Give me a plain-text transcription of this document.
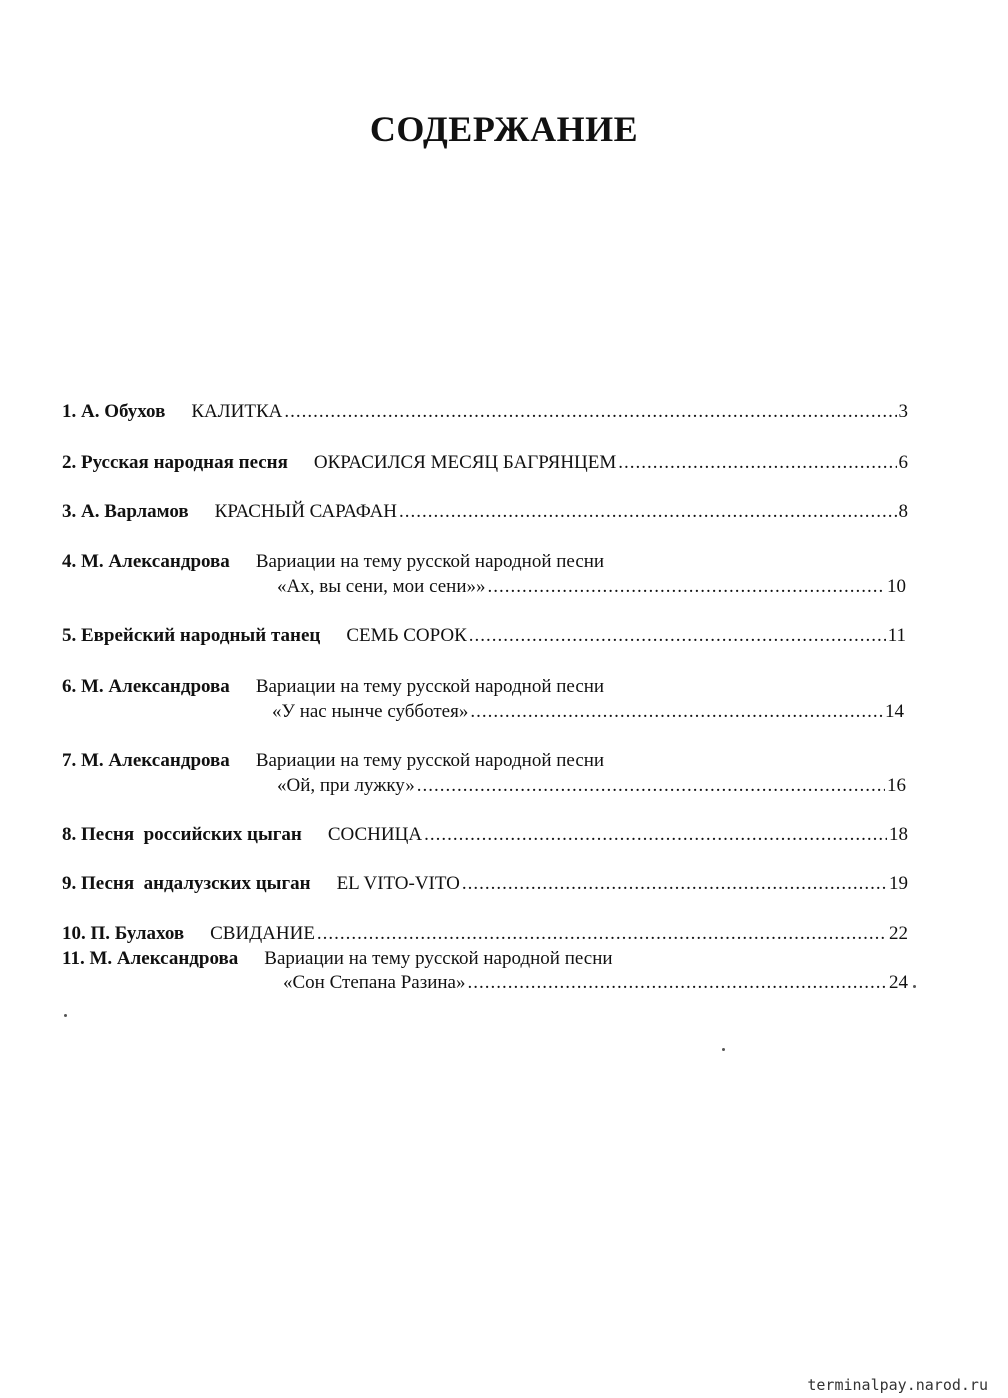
СОДЕРЖАНИЕ
1.
А. Обухов КАЛИТКА .....	3
2.
Русская народная песня ОКРАСИЛСЯ МЕСЯЦ БАГРЯНЦЕМ .....	6
3.
А. Варламов КРАСНЫЙ САРАФАН .....	8
4.
М. Александрова Вариации на тему русской народной песни
«Ах, вы сени, мои сени»» .....	10
5.
Еврейский народный танец СЕМЬ СОРОК .....	11
6.
М. Александрова Вариации на тему русской народной песни
«У нас нынче субботея» .....	14
7.
М. Александрова Вариации на тему русской народной песни
«Ой, при лужку» .....	16
8.
Песня  российских цыган СОСНИЦА .....	18
9.
Песня  андалузских цыган EL VITO-VITO .....	19
10.
П. Булахов СВИДАНИЕ .....	22
11.
М. Александрова Вариации на тему русской народной песни
«Сон Степана Разина» .....	24
terminalpay.narod.ru
